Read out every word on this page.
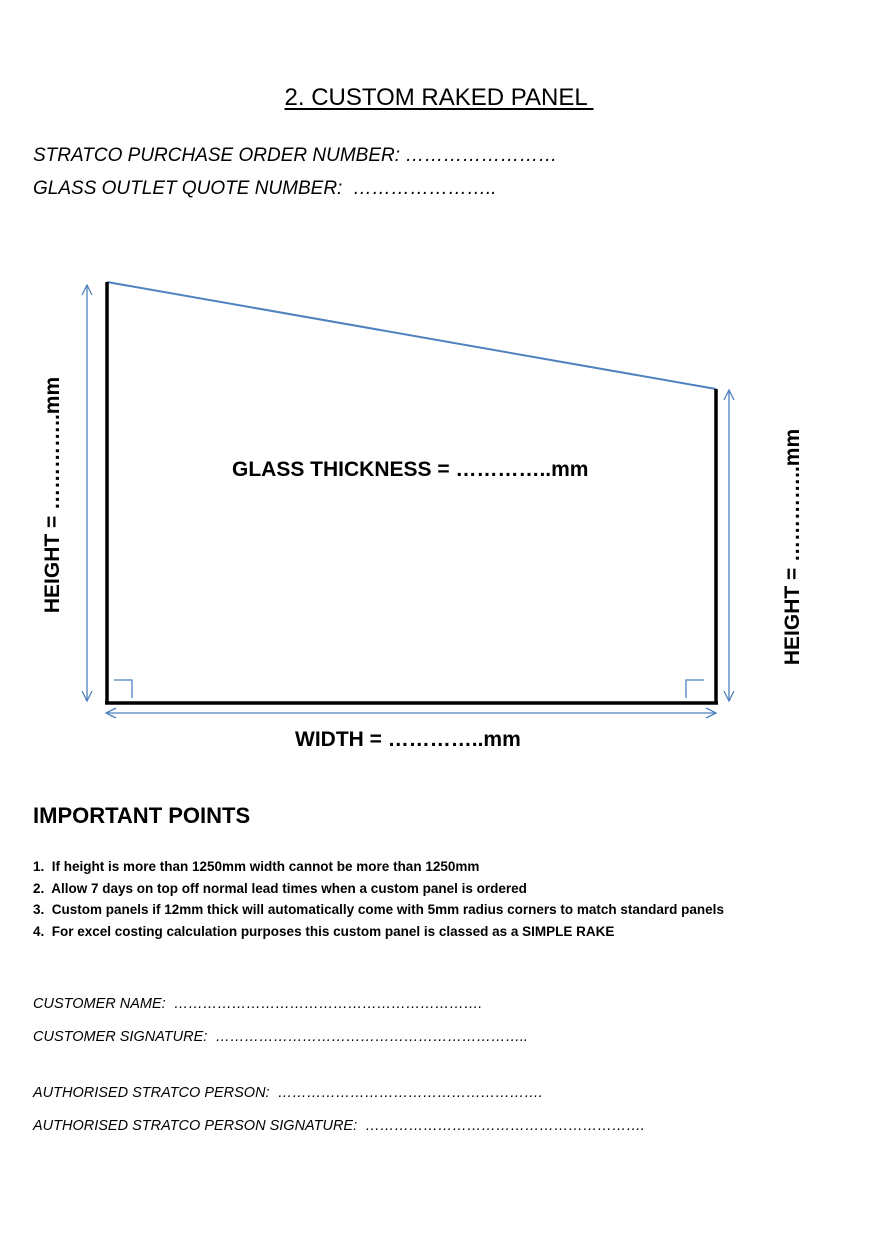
2. CUSTOM RAKED PANEL
STRATCO PURCHASE ORDER NUMBER: ……………………
GLASS OUTLET QUOTE NUMBER:  …………………..
GLASS THICKNESS = …………..mm
WIDTH = …………..mm
HEIGHT = …………..mm	HEIGHT = …………..mm
IMPORTANT POINTS
1.  If height is more than 1250mm width cannot be more than 1250mm
2.  Allow 7 days on top off normal lead times when a custom panel is ordered
3.  Custom panels if 12mm thick will automatically come with 5mm radius corners to match standard panels
4.  For excel costing calculation purposes this custom panel is classed as a SIMPLE RAKE
CUSTOMER NAME:  ……………………………………………………….
CUSTOMER SIGNATURE:  ………………………………………………………..
AUTHORISED STRATCO PERSON:  ……………………………………………….
AUTHORISED STRATCO PERSON SIGNATURE:  ………………………………………………….
